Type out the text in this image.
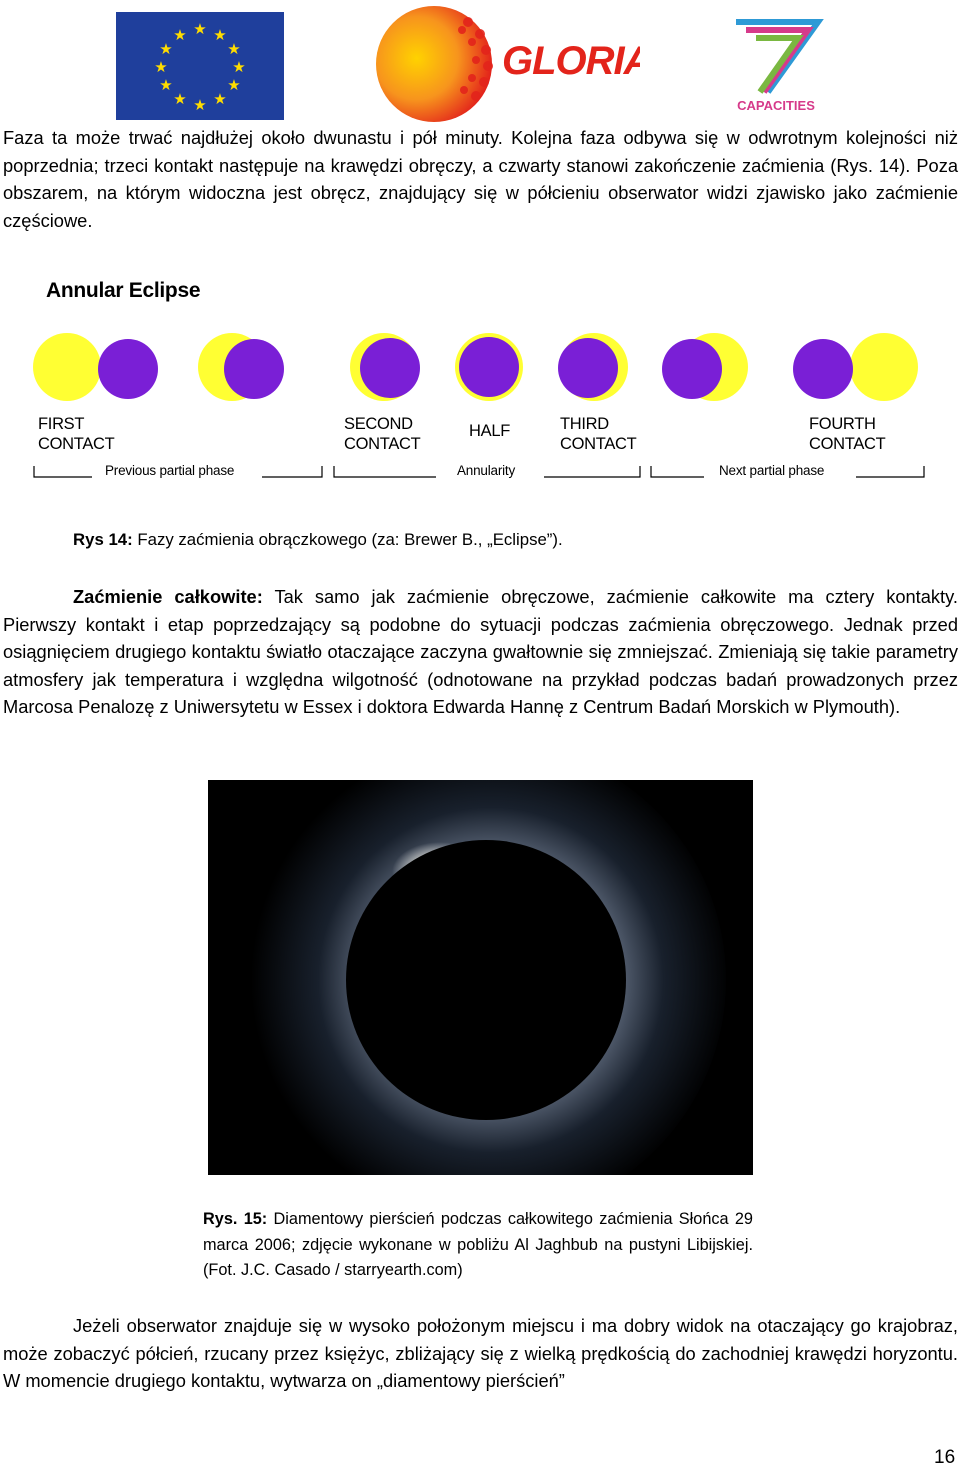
★ ★
★
★
★
★
★
★
★
★
★
★
GLORIA
CAPACITIES

Faza ta może trwać najdłużej około dwunastu i pół minuty. Kolejna faza odbywa się w odwrotnym kolejności niż poprzednia; trzeci kontakt następuje na krawędzi obręczy, a czwarty stanowi zakończenie zaćmienia (Rys. 14). Poza obszarem, na którym widoczna jest obręcz, znajdujący się w półcieniu obserwator widzi zjawisko jako zaćmienie częściowe.

Annular Eclipse
FIRST
CONTACT
SECOND
CONTACT
HALF	THIRD
CONTACT
FOURTH
CONTACT
Previous partial phase	Annularity	Next partial phase
Rys 14: Fazy zaćmienia obrączkowego (za: Brewer B., „Eclipse”).

Zaćmienie całkowite: Tak samo jak zaćmienie obręczowe, zaćmienie całkowite ma cztery kontakty. Pierwszy kontakt i etap poprzedzający są podobne do sytuacji podczas zaćmienia obręczowego. Jednak przed osiągnięciem drugiego kontaktu światło otaczające zaczyna gwałtownie się zmniejszać. Zmieniają się takie parametry atmosfery jak temperatura i względna wilgotność (odnotowane na przykład podczas badań prowadzonych przez Marcosa Penalozę z Uniwersytetu w Essex i doktora Edwarda Hannę z Centrum Badań Morskich w Plymouth).

Rys. 15: Diamentowy pierścień podczas całkowitego zaćmienia Słońca 29 marca 2006; zdjęcie wykonane w pobliżu Al Jaghbub na pustyni Libijskiej. (Fot. J.C. Casado / starryearth.com)

Jeżeli obserwator znajduje się w wysoko położonym miejscu i ma dobry widok na otaczający go krajobraz, może zobaczyć półcień, rzucany przez księżyc, zbliżający się z wielką prędkością do zachodniej krawędzi horyzontu. W momencie drugiego kontaktu, wytwarza on „diamentowy pierścień”

16
